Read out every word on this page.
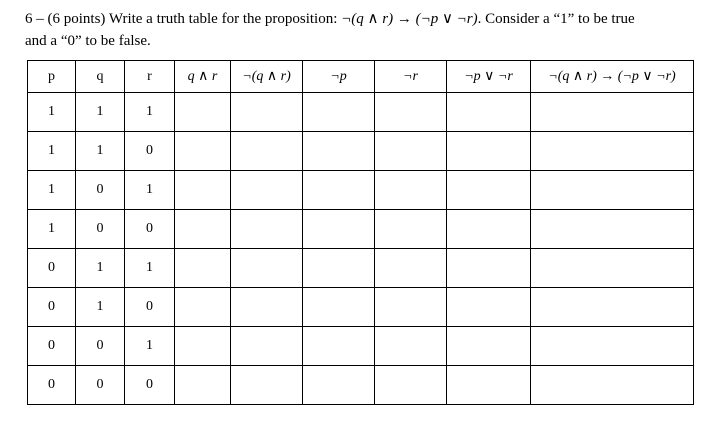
6 – (6 points) Write a truth table for the proposition: ¬(q ∧ r) → (¬p ∨ ¬r). Consider a “1” to be true
and a “0” to be false.
p	q	r	q ∧ r	¬(q ∧ r)	¬p	¬r	¬p ∨ ¬r	¬(q ∧ r) → (¬p ∨ ¬r)
1	1	1						
1	1	0						
1	0	1						
1	0	0						
0	1	1						
0	1	0						
0	0	1						
0	0	0						
